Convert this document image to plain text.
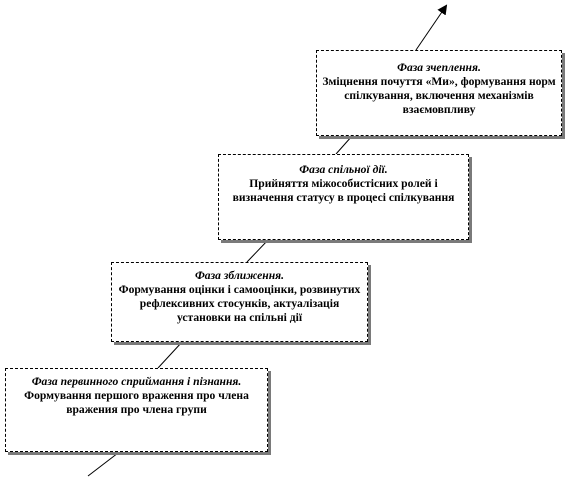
Фаза первинного сприймання і пізнання.
Формування першого враження про члена вражения про члена групи
Фаза зближення.
Формування оцінки і самооцінки, розвинутих рефлексивних стосунків, актуалізація установки на спільні дії
Фаза спільної дії.
Прийняття міжособистісних ролей і визначення статусу в процесі спілкування
Фаза зчеплення.
Зміцнення почуття «Ми», формування норм спілкування, включення механізмів взаємовпливу
